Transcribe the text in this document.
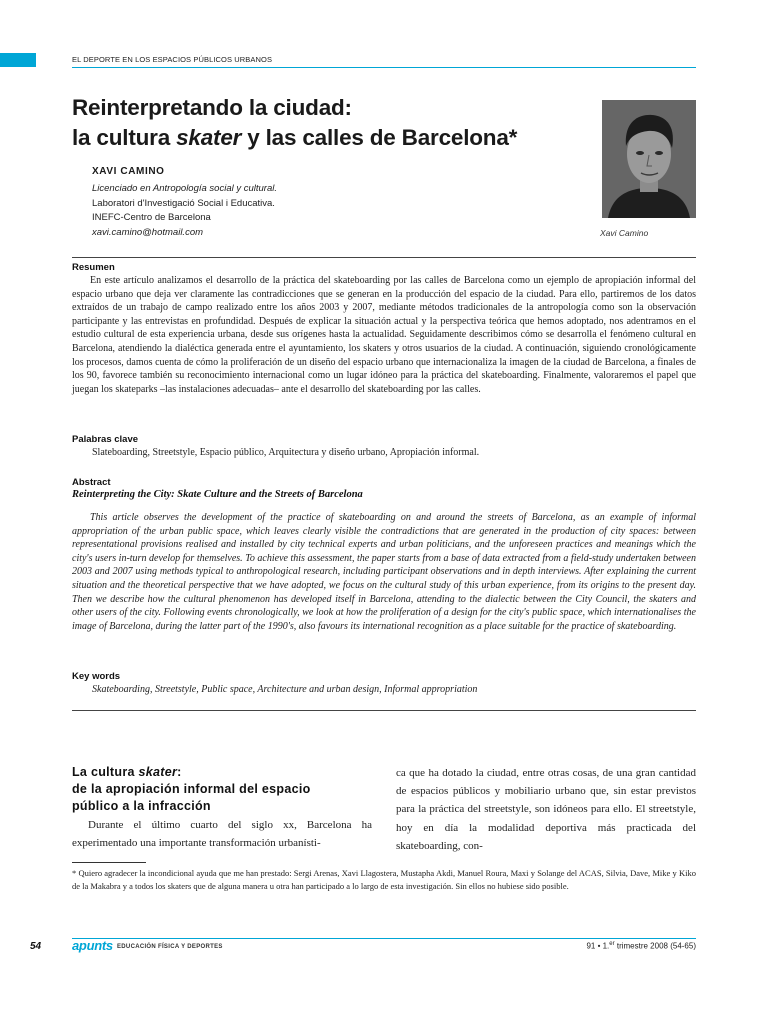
EL DEPORTE EN LOS ESPACIOS PÚBLICOS URBANOS
Reinterpretando la ciudad:
la cultura skater y las calles de Barcelona*
XAVI CAMINO
Licenciado en Antropología social y cultural.
Laboratori d'Investigació Social i Educativa.
INEFC-Centro de Barcelona
xavi.camino@hotmail.com	Xavi Camino
Resumen

En este artículo analizamos el desarrollo de la práctica del skateboarding por las calles de Barcelona como un ejemplo de apropiación informal del espacio urbano que deja ver claramente las contradicciones que se generan en la producción del espacio de la ciudad. Para ello, partiremos de los datos extraídos de un trabajo de campo realizado entre los años 2003 y 2007, mediante métodos tradicionales de la antropología como son la observación participante y las entrevistas en profundidad. Después de explicar la situación actual y la perspectiva teórica que hemos adoptado, nos adentramos en el estudio cultural de esta experiencia urbana, desde sus orígenes hasta la actualidad. Seguidamente describimos cómo se desarrolla el fenómeno cultural en Barcelona, atendiendo la dialéctica generada entre el ayuntamiento, los skaters y otros usuarios de la ciudad. A continuación, siguiendo cronológicamente los procesos, damos cuenta de cómo la proliferación de un diseño del espacio urbano que internacionaliza la imagen de la ciudad de Barcelona, a finales de los 90, favorece también su reconocimiento internacional como un lugar idóneo para la práctica del skateboarding. Finalmente, valoraremos el papel que juegan los skateparks –las instalaciones adecuadas– ante el desarrollo del skateboarding por las calles.

Palabras clave
Slateboarding, Streetstyle, Espacio público, Arquitectura y diseño urbano, Apropiación informal.
Abstract
Reinterpreting the City: Skate Culture and the Streets of Barcelona

This article observes the development of the practice of skateboarding on and around the streets of Barcelona, as an example of informal appropriation of the urban public space, which leaves clearly visible the contradictions that are generated in the production of city spaces: between representational provisions realised and installed by city technical experts and urban politicians, and the unforeseen practices and meanings which the city's users in-turn develop for themselves. To achieve this assessment, the paper starts from a base of data extracted from a field-study undertaken between 2003 and 2007 using methods typical to anthropological research, including participant observations and in depth interviews. After explaining the current situation and the theoretical perspective that we have adopted, we focus on the cultural study of this urban experience, from its origins to the present day. Then we describe how the cultural phenomenon has developed itself in Barcelona, attending to the dialectic between the City Council, the skaters and other users of the city. Following events chronologically, we look at how the proliferation of a design for the city's public space, which internationalises the image of Barcelona, during the latter part of the 1990's, also favours its international recognition as a place suitable for the practice of skateboarding.

Key words
Skateboarding, Streetstyle, Public space, Architecture and urban design, Informal appropriation
La cultura skater:
de la apropiación informal del espacio
público a la infracción

Durante el último cuarto del siglo xx, Barcelona ha experimentado una importante transformación urbanísti-

ca que ha dotado la ciudad, entre otras cosas, de una gran cantidad de espacios públicos y mobiliario urbano que, sin estar previstos para la práctica del streetstyle, son idóneos para ello. El streetstyle, hoy en día la modalidad deportiva más practicada del skateboarding, con-

* Quiero agradecer la incondicional ayuda que me han prestado: Sergi Arenas, Xavi Llagostera, Mustapha Akdi, Manuel Roura, Maxi y Solange del ACAS, Silvia, Dave, Mike y Kiko de la Makabra y a todos los skaters que de alguna manera u otra han participado a lo largo de esta investigación. Sin ellos no hubiese sido posible.

54 apunts EDUCACIÓN FÍSICA Y DEPORTES	91 • 1.$^{er}$ trimestre 2008 (54-65)
